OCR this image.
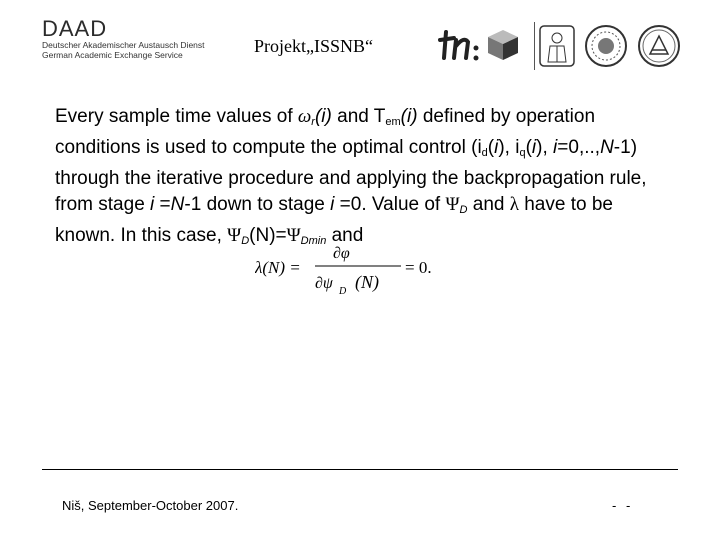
DAAD
Deutscher Akademischer Austausch Dienst
German Academic Exchange Service	Projekt„ISSNB“
Every sample time values of $\omega_r(i)$ and $T_{em}(i)$ defined by operation conditions is used to compute the optimal control ($i_d(i)$, $i_q(i)$, i=0,..,N-1) through the iterative procedure and applying the backpropagation rule, from stage i =N-1 down to stage i =0. Value of $\Psi_D$ and λ have to be known. In this case, $\Psi_D(N)=\Psi_{Dmin}$ and
λ(N) =
∂φ
∂ψ D (N)
= 0.
Niš, September-October 2007.	- -
